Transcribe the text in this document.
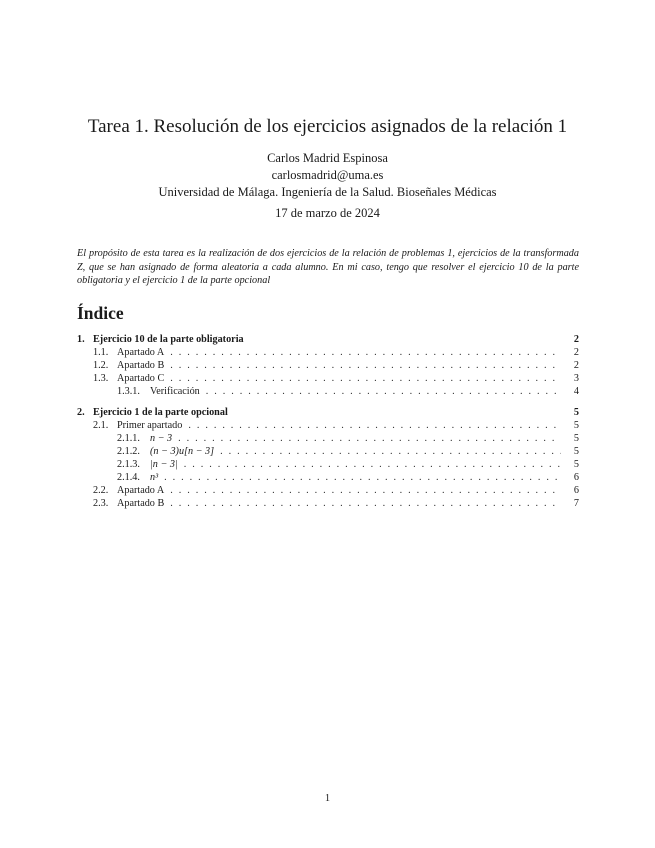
Tarea 1. Resolución de los ejercicios asignados de la relación 1
Carlos Madrid Espinosa
carlosmadrid@uma.es
Universidad de Málaga. Ingeniería de la Salud. Bioseñales Médicas
17 de marzo de 2024
El propósito de esta tarea es la realización de dos ejercicios de la relación de problemas 1, ejercicios de la transformada Z, que se han asignado de forma aleatoria a cada alumno. En mi caso, tengo que resolver el ejercicio 10 de la parte obligatoria y el ejercicio 1 de la parte opcional
Índice
1. Ejercicio 10 de la parte obligatoria	2
1.1. Apartado A . . .	2
1.2. Apartado B . . .	2
1.3. Apartado C . . .	3
1.3.1. Verificación . . .	4
2. Ejercicio 1 de la parte opcional	5
2.1. Primer apartado . . .	5
2.1.1. n − 3 . . .	5
2.1.2. (n − 3)u[n − 3] . . .	5
2.1.3. |n − 3| . . .	5
2.1.4. n³ . . .	6
2.2. Apartado A . . .	6
2.3. Apartado B . . .	7
1
